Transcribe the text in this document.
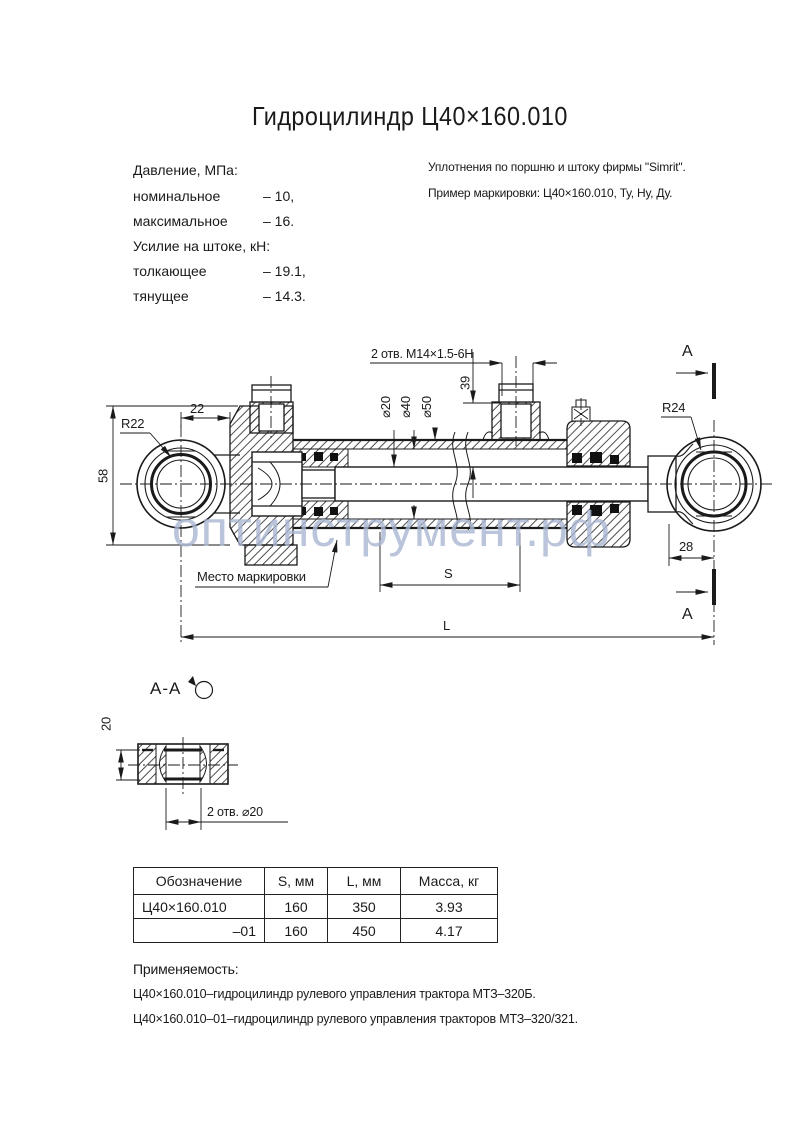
оптинструмент.рф
Гидроцилиндр Ц40×160.010
Давление, МПа:
номинальное	– 10,
максимальное	– 16.
Усилие на штоке, кН:
толкающее	– 19.1,
тянущее	– 14.3.
Уплотнения по поршню и штоку фирмы "Simrit".
Пример маркировки: Ц40×160.010, Ту, Ну, Ду.
R22
22
58
2 отв. М14×1.5-6Н
⌀20 ⌀40 ⌀50
39
R24
28
S
L
А
А
Место маркировки
А-А
20
2 отв. ⌀20
Обозначение	S, мм	L, мм	Масса, кг
Ц40×160.010	160	350	3.93
–01	160	450	4.17
Применяемость:
Ц40×160.010–гидроцилиндр рулевого управления трактора МТЗ–320Б.
Ц40×160.010–01–гидроцилиндр рулевого управления тракторов МТЗ–320/321.
